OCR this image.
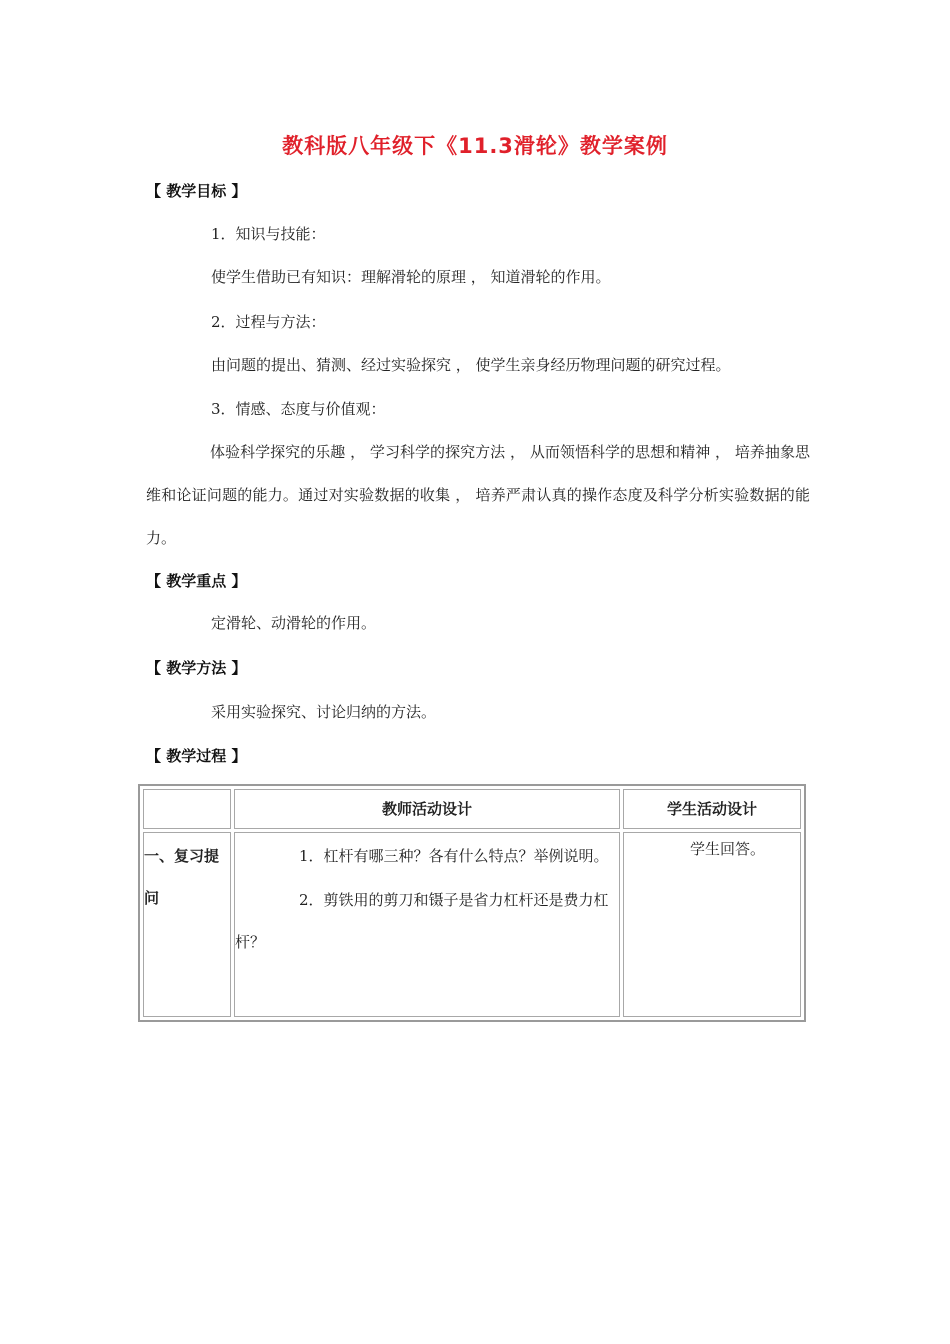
教科版八年级下《11.3滑轮》教学案例
【 教学目标 】
1．知识与技能：
使学生借助已有知识：理解滑轮的原理 ， 知道滑轮的作用。
2．过程与方法：
由问题的提出、猜测、经过实验探究 ， 使学生亲身经历物理问题的研究过程。
3．情感、态度与价值观：
体验科学探究的乐趣 ， 学习科学的探究方法 ， 从而领悟科学的思想和精神 ， 培养抽象思维和论证问题的能力。通过对实验数据的收集 ， 培养严肃认真的操作态度及科学分析实验数据的能力。
【 教学重点 】
定滑轮、动滑轮的作用。
【 教学方法 】
采用实验探究、讨论归纳的方法。
【 教学过程 】
	教师活动设计	学生活动设计
一、复习提问	1．杠杆有哪三种？各有什么特点？举例说明。
2．剪铁用的剪刀和镊子是省力杠杆还是费力杠杆？	学生回答。
